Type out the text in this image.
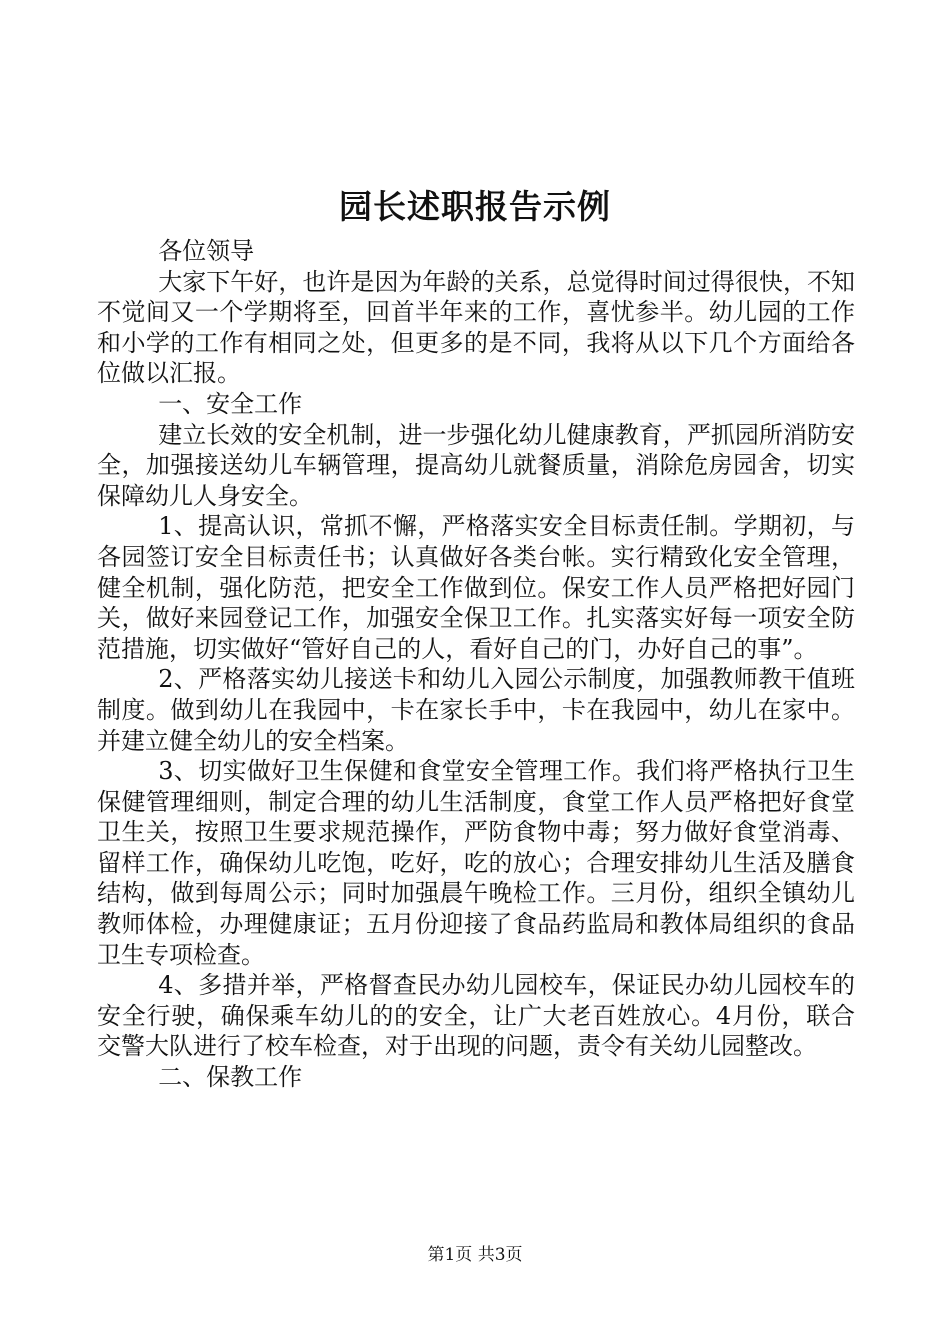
园长述职报告示例

各位领导

大家下午好，也许是因为年龄的关系，总觉得时间过得很快，不知不觉间又一个学期将至，回首半年来的工作，喜忧参半。幼儿园的工作和小学的工作有相同之处，但更多的是不同，我将从以下几个方面给各位做以汇报。

一、安全工作

建立长效的安全机制，进一步强化幼儿健康教育，严抓园所消防安全，加强接送幼儿车辆管理，提高幼儿就餐质量，消除危房园舍，切实保障幼儿人身安全。

1、提高认识，常抓不懈，严格落实安全目标责任制。学期初，与各园签订安全目标责任书；认真做好各类台帐。实行精致化安全管理，健全机制，强化防范，把安全工作做到位。保安工作人员严格把好园门关，做好来园登记工作，加强安全保卫工作。扎实落实好每一项安全防范措施，切实做好“管好自己的人，看好自己的门，办好自己的事”。

2、严格落实幼儿接送卡和幼儿入园公示制度，加强教师教干值班制度。做到幼儿在我园中，卡在家长手中，卡在我园中，幼儿在家中。并建立健全幼儿的安全档案。

3、切实做好卫生保健和食堂安全管理工作。我们将严格执行卫生保健管理细则，制定合理的幼儿生活制度，食堂工作人员严格把好食堂卫生关，按照卫生要求规范操作，严防食物中毒；努力做好食堂消毒、留样工作，确保幼儿吃饱，吃好，吃的放心；合理安排幼儿生活及膳食结构，做到每周公示；同时加强晨午晚检工作。三月份，组织全镇幼儿教师体检，办理健康证；五月份迎接了食品药监局和教体局组织的食品卫生专项检查。

4、多措并举，严格督查民办幼儿园校车，保证民办幼儿园校车的安全行驶，确保乘车幼儿的的安全，让广大老百姓放心。4月份，联合交警大队进行了校车检查，对于出现的问题，责令有关幼儿园整改。

二、保教工作

第1页 共3页
